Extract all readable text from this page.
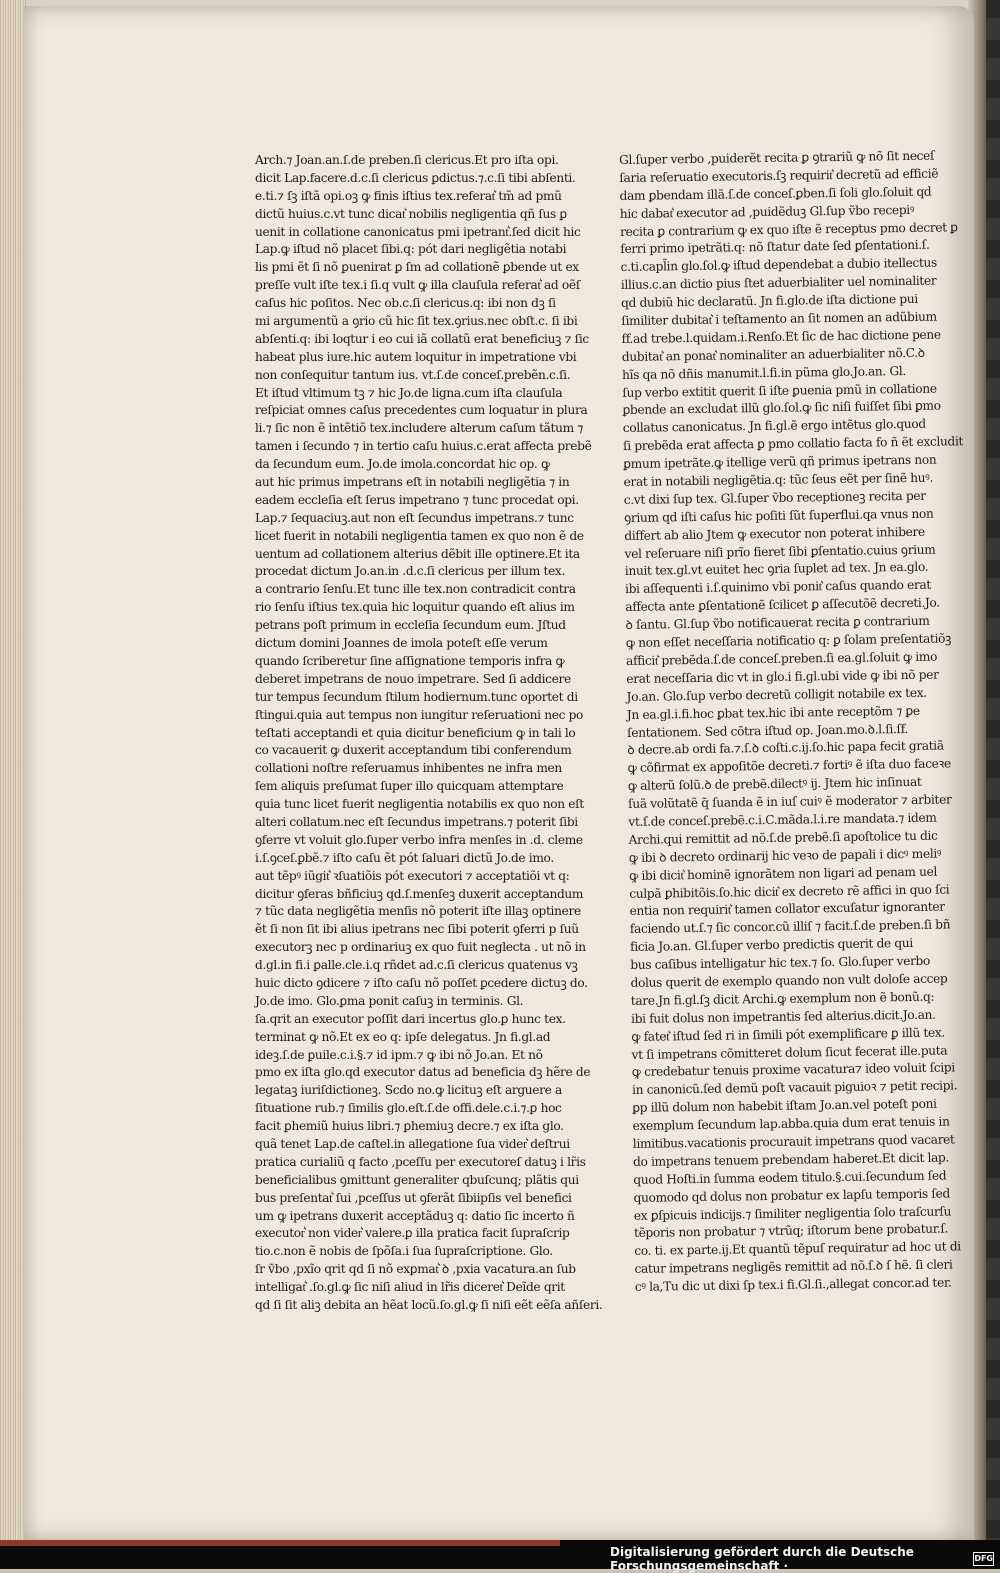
Arch.⁊ Joan.an.ſ.de preben.ſi clericus.Et pro iſta opi.

dicit Lap.facere.d.c.ſi clericus ꝑdictus.⁊.c.ſi tibi abſenti.

e.ti.⁊ ſꝫ iſtã opi.oꝫ ꝙ finis iſtius tex.referat͛ tm̃ ad pmũ

dictũ huius.c.vt tunc dicat͛ nobilis negligentia qñ ſus ꝑ

uenit in collatione canonicatus pmi ipetrant͛.ſed dicit hic

Lap.ꝙ iſtud nõ placet ſibi.q: pót dari negligẽtia notabi

lis pmi ẽt ſi nõ ꝑuenirat ꝑ ſm ad collationẽ ꝑbende ut ex

preſſe vult iſte tex.i ſi.q vult ꝙ illa clauſula referat͛ ad oẽſ

caſus hic poſitos. Nec ob.c.ſi clericus.q: ibi non dꝫ ſi

mi argumentũ a ꝯrio cũ hic ſit tex.ꝯrius.nec obſt.c. ſi ibi

abſenti.q: ibi loqtur i eo cui iã collatũ erat beneficiuꝫ ⁊ ſic

habeat plus iure.hic autem loquitur in impetratione vbi

non conſequitur tantum ius. vt.ſ.de conceſ.prebẽn.c.ſi.

Et iſtud vltimum tꝫ ⁊ hic Jo.de ligna.cum iſta clauſula

reſpiciat omnes caſus precedentes cum loquatur in plura

li.⁊ ſic non ẽ intẽtiõ tex.includere alterum caſum tãtum ⁊

tamen i ſecundo ⁊ in tertio caſu huius.c.erat affecta prebẽ

da ſecundum eum. Jo.de imola.concordat hic op. ꝙ

aut hic primus impetrans eſt in notabili negligẽtia ⁊ in

eadem eccleſia eſt ſerus impetrano ⁊ tunc procedat opi.

Lap.⁊ ſequaciuꝫ.aut non eſt ſecundus impetrans.⁊ tunc

licet fuerit in notabili negligentia tamen ex quo non ẽ de

uentum ad collationem alterius dẽbit ille optinere.Et ita

procedat dictum Jo.an.in .d.c.ſi clericus per illum tex.

a contrario ſenſu.Et tunc ille tex.non contradicit contra

rio ſenſu iſtius tex.quia hic loquitur quando eſt alius im

petrans poſt primum in eccleſia ſecundum eum. Jſtud

dictum domini Joannes de imola poteſt eſſe verum

quando ſcriberetur ſine aſſignatione temporis infra ꝙ

deberet impetrans de nouo impetrare. Sed ſi addicere

tur tempus ſecundum ſtilum hodiernum.tunc oportet di

ſtingui.quia aut tempus non iungitur reſeruationi nec po

teſtati acceptandi et quia dicitur beneficium ꝙ in tali lo

co vacauerit ꝙ duxerit acceptandum tibi conferendum

collationi noſtre reſeruamus inhibentes ne infra men

ſem aliquis preſumat ſuper illo quicquam attemptare

quia tunc licet fuerit negligentia notabilis ex quo non eſt

alteri collatum.nec eſt ſecundus impetrans.⁊ poterit ſibi

ꝯferre vt voluit glo.ſuper verbo infra menſes in .d. cleme

i.ſ.ꝯceſ.ꝑbẽ.⁊ iſto caſu ẽt pót ſaluari dictũ Jo.de imo.

aut tẽpꝰ iũgit͛ ꝛſuatiõis pót executori ⁊ acceptatiõi vt q:

dicitur ꝯferas bñficiuꝫ qd.ſ.menſeꝫ duxerit acceptandum

⁊ tũc data negligẽtia menſis nõ poterit iſte illaꝫ optinere

ẽt ſi non ſit ibi alius ipetrans nec ſibi poterit ꝯferri p ſuũ

executorꝫ nec p ordinariuꝫ ex quo fuit neglecta . ut nõ in

d.gl.in fi.i ꝑalle.cle.i.q rñdet ad.c.ſi clericus quatenus vꝫ

huic dicto ꝯdicere ⁊ iſto caſu nõ poſſet ꝑcedere dictuꝫ do.

Jo.de imo. Glo.ꝑma ponit caſuꝫ in terminis. Gl.

ſa.qrit an executor poſſit dari incertus glo.ꝑ hunc tex.

terminat ꝙ nõ.Et ex eo q: ipſe delegatus. Jn fi.gl.ad

ideꝫ.ſ.de ꝑuile.c.i.§.⁊ id ipm.⁊ ꝙ ibi nõ Jo.an. Et nõ

pmo ex iſta glo.qd executor datus ad beneficia dꝫ hẽre de

legataꝫ iuriſdictioneꝫ. Scdo no.ꝙ licituꝫ eſt arguere a

ſituatione rub.⁊ ſimilis glo.eſt.ſ.de offi.dele.c.i.⁊.ꝑ hoc

facit ꝑhemiũ huius libri.⁊ ꝑhemiuꝫ decre.⁊ ex iſta glo.

quã tenet Lap.de caſtel.in allegatione ſua vider͛ deſtrui

pratica curialiũ q facto ,pceſſu per executoreſ datuꝫ i lr̃is

beneficialibus ꝯmittunt generaliter qbuſcunq; plãtis qui

bus preſentat͛ ſui ,pceſſus ut ꝯferãt ſibiipſis vel benefici

um ꝙ ipetrans duxerit acceptãduꝫ q: datio ſic incerto ñ

executor͛ non vider͛ valere.ꝑ illa pratica facit ſupraſcrip

tio.c.non ẽ nobis de ſpõſa.i ſua ſupraſcriptione. Glo.

ſr ṽbo ,pxĩo qrit qd ſi nõ exꝑmat͛ ꝺ ,pxia vacatura.an ſub

intelligat͛ .ſo.gl.ꝙ ſic niſi aliud in lr̃is diceret͛ Deĩde qrit

qd ſi ſit aliꝫ debita an hẽat locũ.ſo.gl.ꝙ ſi niſi eẽt eẽſa añſeri.

Gl.ſuper verbo ,puiderẽt recita ꝑ ꝯtrariũ ꝙ nõ ſit neceſ

ſaria reſeruatio executoris.ſꝫ requirit͛ decretũ ad efficiẽ

dam ꝑbendam illã.ſ.de conceſ.ꝑben.ſi ſoli glo.ſoluit qd

hic dabat͛ executor ad ,puidẽduꝫ Gl.ſup ṽbo recepiꝰ

recita ꝑ contrarium ꝙ ex quo iſte ẽ receptus pmo decret ꝑ

ferri primo ipetrãti.q: nõ ſtatur date ſed ꝑſentationi.ſ.

c.ti.capl̃in glo.ſol.ꝙ iſtud dependebat a dubio itellectus

illius.c.an dictio pius ſtet aduerbialiter uel nominaliter

qd dubiũ hic declaratũ. Jn fi.glo.de iſta dictione pui

ſimiliter dubitat͛ i teſtamento an ſit nomen an adũbium

ff.ad trebe.l.quidam.i.Renſo.Et ſic de hac dictione pene

dubitat͛ an ponat͛ nominaliter an aduerbialiter nõ.C.ꝺ

hĩs qa nõ dñis manumit.l.fi.in pũma glo.Jo.an. Gl.

ſup verbo extitit querit ſi iſte ꝑuenia pmũ in collatione

ꝑbende an excludat illũ glo.ſol.ꝙ ſic niſi fuiſſet ſibi ꝑmo

collatus canonicatus. Jn fi.gl.ẽ ergo intẽtus glo.quod

ſi prebẽda erat affecta ꝑ pmo collatio facta fo ñ ẽt excludit

ꝑmum ipetrãte.ꝙ itellige verũ qñ primus ipetrans non

erat in notabili negligẽtia.q: tũc ſeus eẽt per ſinẽ huꝰ.

c.vt dixi ſup tex. Gl.ſuper ṽbo receptioneꝫ recita per

ꝯrium qd iſti caſus hic poſiti ſũt ſuperflui.qa vnus non

differt ab alio Jtem ꝙ executor non poterat inhibere

vel reſeruare niſi prĩo fieret ſibi ꝑſentatio.cuius ꝯrium

inuit tex.gl.vt euitet hec ꝯria ſuplet ad tex. Jn ea.glo.

ibi aſſequenti i.ſ.quinimo vbi ponit͛ caſus quando erat

affecta ante ꝑſentationẽ ſcilicet ꝑ aſſecutõẽ decreti.Jo.

ꝺ ſantu. Gl.ſup ṽbo notificauerat recita ꝑ contrarium

ꝙ non eſſet neceſſaria notificatio q: ꝑ ſolam preſentatiõꝫ

afficit͛ prebẽda.ſ.de conceſ.preben.ſi ea.gl.ſoluit ꝙ imo

erat neceſſaria dic vt in glo.i fi.gl.ubi vide ꝙ ibi nõ per

Jo.an. Glo.ſup verbo decretũ colligit notabile ex tex.

Jn ea.gl.i.fi.hoc ꝑbat tex.hic ibi ante receptõm ⁊ ꝑe

ſentationem. Sed cõtra iſtud op. Joan.mo.ꝺ.l.ſi.ſf.

ꝺ decre.ab ordi fa.⁊.ſ.ꝺ coſti.c.ij.ſo.hic papa fecit gratiã

ꝙ cõfirmat ex appoſitõe decreti.⁊ fortiꝰ ẽ iſta duo faceꝛe

ꝙ alterũ ſolũ.ꝺ de prebẽ.dilectꝰ ij. Jtem hic inſinuat

ſuã volũtatẽ q̃ ſuanda ẽ in iuſ cuiꝰ ẽ moderator ⁊ arbiter

vt.ſ.de conceſ.prebẽ.c.i.C.mãda.l.i.re mandata.⁊ idem

Archi.qui remittit ad nõ.ſ.de prebẽ.ſi apoſtolice tu dic

ꝙ ibi ꝺ decreto ordinarij hic veꝛo de papali i dicꝰ meliꝰ

ꝙ ibi dicit͛ hominẽ ignorãtem non ligari ad penam uel

culpã ꝑhibitõis.ſo.hic dicit͛ ex decreto rẽ affici in quo ſci

entia non requirit͛ tamen collator excuſatur ignoranter

faciendo ut.ſ.⁊ ſic concor.cũ illiſ ⁊ facit.ſ.de preben.ſi bñ

ficia Jo.an. Gl.ſuper verbo predictis querit de qui

bus caſibus intelligatur hic tex.⁊ ſo. Glo.ſuper verbo

dolus querit de exemplo quando non vult doloſe accep

tare.Jn fi.gl.ſꝫ dicit Archi.ꝙ exemplum non ẽ bonũ.q:

ibi fuit dolus non impetrantis ſed alterius.dicit.Jo.an.

ꝙ fatet͛ iſtud ſed ri in ſimili pót exemplificare ꝑ illũ tex.

vt ſi impetrans cõmitteret dolum ſicut fecerat ille.puta

ꝙ credebatur tenuis proxime vacatura⁊ ideo voluit ſcipi

in canonicũ.ſed demũ poſt vacauit piguioꝛ ⁊ petit recipi.

ꝑp illũ dolum non habebit iſtam Jo.an.vel poteſt poni

exemplum ſecundum lap.abba.quia dum erat tenuis in

limitibus.vacationis procurauit impetrans quod vacaret

do impetrans tenuem prebendam haberet.Et dicit lap.

quod Hoſti.in ſumma eodem titulo.§.cui.ſecundum ſed

quomodo qd dolus non probatur ex lapſu temporis ſed

ex ꝑſpicuis indicijs.⁊ ſimiliter negligentia ſolo traſcurſu

tẽporis non probatur ⁊ vtrũq; iſtorum bene probatur.ſ.

co. ti. ex parte.ij.Et quantũ tẽpuſ requiratur ad hoc ut di

catur impetrans negligẽs remittit ad nõ.ſ.ꝺ ſ hẽ. ſi cleri

cꝰ la,Tu dic ut dixi ſp tex.i fi.Gl.ſi.,allegat concor.ad ter.

Digitalisierung gefördert durch die Deutsche Forschungsgemeinschaft ·
DFG
